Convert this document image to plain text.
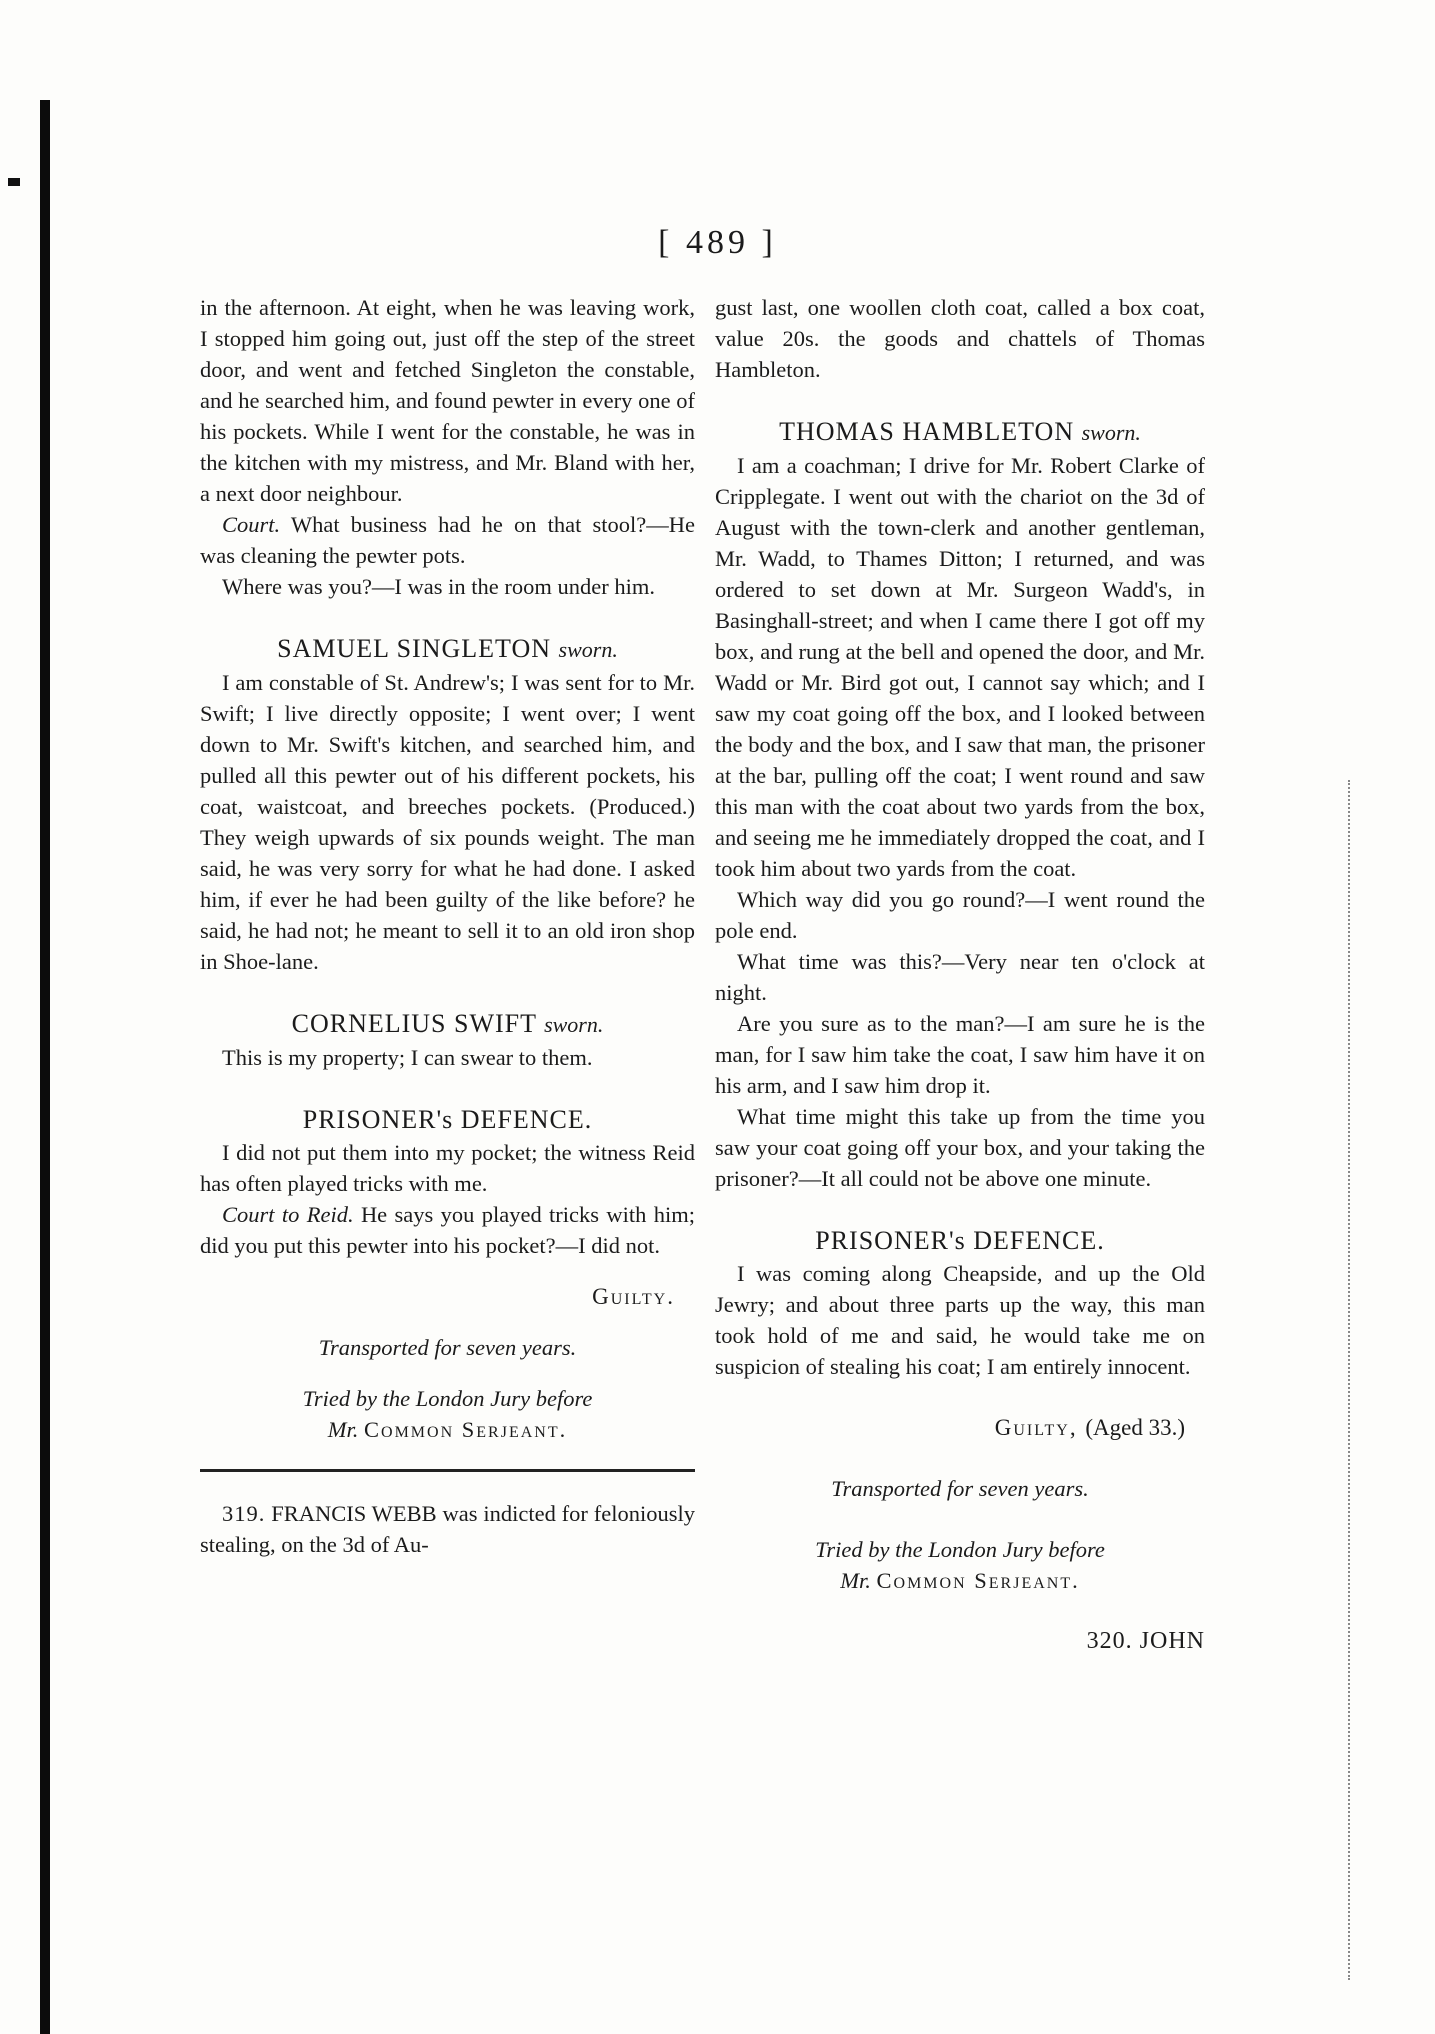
[ 489 ]

in the afternoon. At eight, when he was leaving work, I stopped him going out, just off the step of the street door, and went and fetched Singleton the constable, and he searched him, and found pewter in every one of his pockets. While I went for the constable, he was in the kitchen with my mistress, and Mr. Bland with her, a next door neighbour.

Court. What business had he on that stool?—He was cleaning the pewter pots.

Where was you?—I was in the room under him.

SAMUEL SINGLETON sworn.

I am constable of St. Andrew's; I was sent for to Mr. Swift; I live directly opposite; I went over; I went down to Mr. Swift's kitchen, and searched him, and pulled all this pewter out of his different pockets, his coat, waistcoat, and breeches pockets. (Produced.) They weigh upwards of six pounds weight. The man said, he was very sorry for what he had done. I asked him, if ever he had been guilty of the like before? he said, he had not; he meant to sell it to an old iron shop in Shoe-lane.

CORNELIUS SWIFT sworn.

This is my property; I can swear to them.

PRISONER's DEFENCE.

I did not put them into my pocket; the witness Reid has often played tricks with me.

Court to Reid. He says you played tricks with him; did you put this pewter into his pocket?—I did not.

Guilty.
Transported for seven years.
Tried by the London Jury before
Mr. Common Serjeant.

319. FRANCIS WEBB was indicted for feloniously stealing, on the 3d of Au-

gust last, one woollen cloth coat, called a box coat, value 20s. the goods and chattels of Thomas Hambleton.

THOMAS HAMBLETON sworn.

I am a coachman; I drive for Mr. Robert Clarke of Cripplegate. I went out with the chariot on the 3d of August with the town-clerk and another gentleman, Mr. Wadd, to Thames Ditton; I returned, and was ordered to set down at Mr. Surgeon Wadd's, in Basinghall-street; and when I came there I got off my box, and rung at the bell and opened the door, and Mr. Wadd or Mr. Bird got out, I cannot say which; and I saw my coat going off the box, and I looked between the body and the box, and I saw that man, the prisoner at the bar, pulling off the coat; I went round and saw this man with the coat about two yards from the box, and seeing me he immediately dropped the coat, and I took him about two yards from the coat.

Which way did you go round?—I went round the pole end.

What time was this?—Very near ten o'clock at night.

Are you sure as to the man?—I am sure he is the man, for I saw him take the coat, I saw him have it on his arm, and I saw him drop it.

What time might this take up from the time you saw your coat going off your box, and your taking the prisoner?—It all could not be above one minute.

PRISONER's DEFENCE.

I was coming along Cheapside, and up the Old Jewry; and about three parts up the way, this man took hold of me and said, he would take me on suspicion of stealing his coat; I am entirely innocent.

Guilty, (Aged 33.)
Transported for seven years.
Tried by the London Jury before
Mr. Common Serjeant.
320. JOHN
